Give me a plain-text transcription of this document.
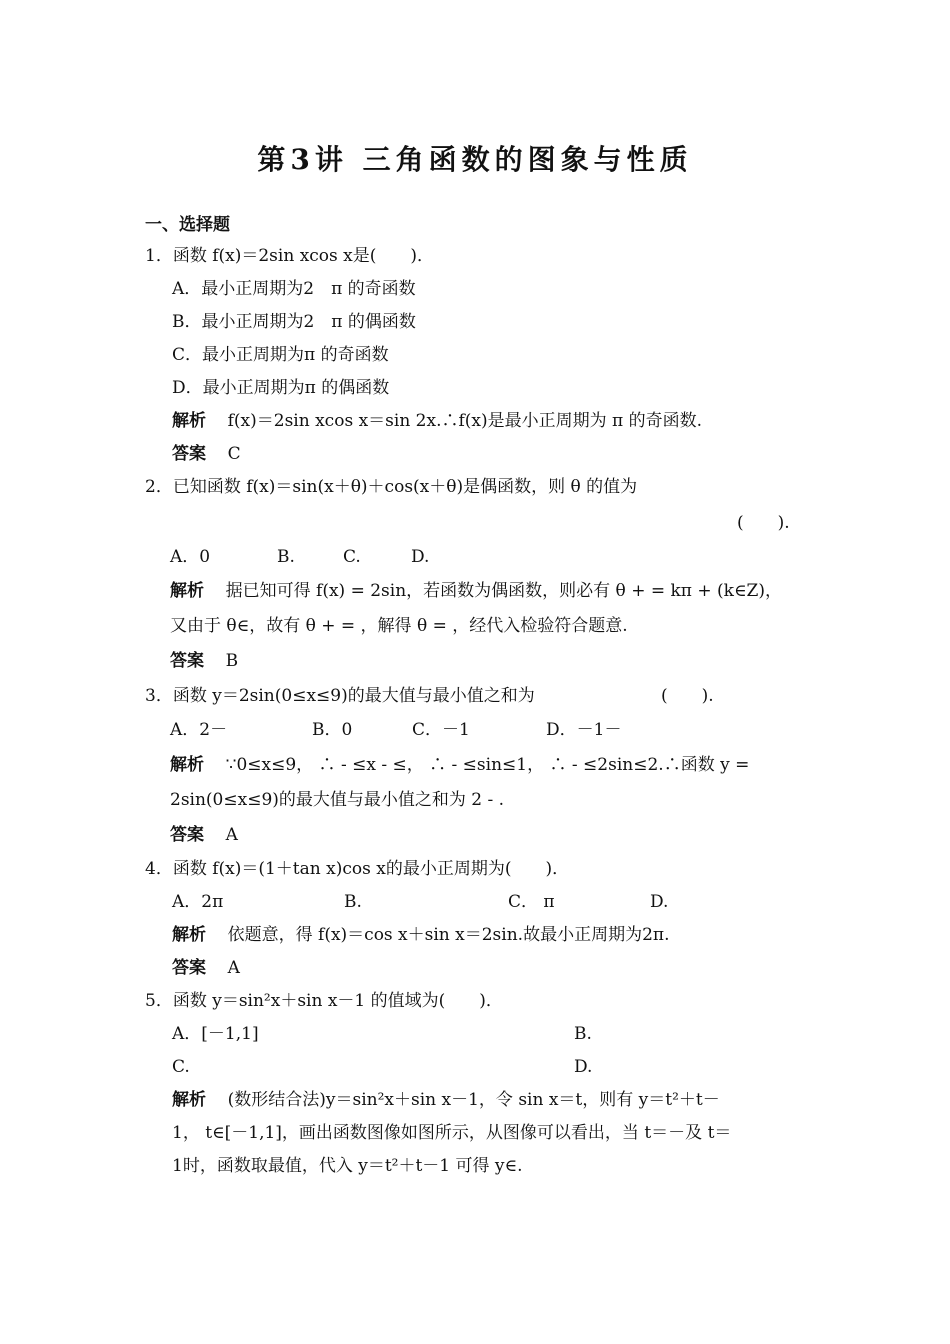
第3讲 三角函数的图象与性质
一、选择题
1．函数 f(x)＝2sin xcos x是(　　)．
A．最小正周期为2　π 的奇函数
B．最小正周期为2　π 的偶函数
C．最小正周期为π 的奇函数
D．最小正周期为π 的偶函数
解析 f(x)＝2sin xcos x＝sin 2x.∴f(x)是最小正周期为 π 的奇函数.
答案 C
2．已知函数 f(x)＝sin(x＋θ)＋cos(x＋θ)是偶函数，则 θ 的值为
(　　).
A．0	B.	C.	D.
解析 据已知可得 f(x) = 2sin，若函数为偶函数，则必有 θ + = kπ + (k∈Z)，
又由于 θ∈，故有 θ + = ，解得 θ = ，经代入检验符合题意.
答案 B
3．函数 y＝2sin(0≤x≤9)的最大值与最小值之和为	(　　).
A．2－	B．0	C．－1	D．－1－
解析 ∵0≤x≤9， ∴ - ≤x - ≤， ∴ - ≤sin≤1， ∴ - ≤2sin≤2.∴函数 y =
2sin(0≤x≤9)的最大值与最小值之和为 2 - .
答案 A
4．函数 f(x)＝(1＋tan x)cos x的最小正周期为(　　)．
A．2π	B.	C． π	D.
解析 依题意，得 f(x)＝cos x＋sin x＝2sin.故最小正周期为2π.
答案 A
5．函数 y＝sin²x＋sin x－1 的值域为(　　)．
A．[－1,1]	B.
C.	D.
解析 (数形结合法)y＝sin²x＋sin x－1，令 sin x＝t，则有 y＝t²＋t－
1， t∈[－1,1]，画出函数图像如图所示，从图像可以看出，当 t＝－及 t＝
1时，函数取最值，代入 y＝t²＋t－1 可得 y∈.
